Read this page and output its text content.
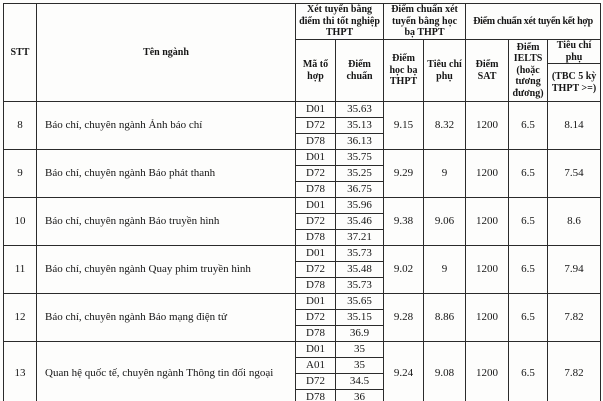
STT	Tên ngành	Xét tuyển bằng điểm thi tốt nghiệp THPT		Điểm chuẩn xét tuyển bằng học bạ THPT		Điểm chuẩn xét tuyển kết hợp		
		Mã tổ hợp	Điểm chuẩn	Điểm học bạ THPT	Tiêu chí phụ	Điểm SAT	Điểm IELTS (hoặc tương đương)	Tiêu chí phụ
								(TBC 5 kỳ THPT >=)
8	Báo chí, chuyên ngành Ảnh báo chí	D01	35.63	9.15	8.32	1200	6.5	8.14
		D72	35.13					
		D78	36.13					
9	Báo chí, chuyên ngành Báo phát thanh	D01	35.75	9.29	9	1200	6.5	7.54
		D72	35.25					
		D78	36.75					
10	Báo chí, chuyên ngành Báo truyền hình	D01	35.96	9.38	9.06	1200	6.5	8.6
		D72	35.46					
		D78	37.21					
11	Báo chí, chuyên ngành Quay phim truyền hình	D01	35.73	9.02	9	1200	6.5	7.94
		D72	35.48					
		D78	35.73					
12	Báo chí, chuyên ngành Báo mạng điện tử	D01	35.65	9.28	8.86	1200	6.5	7.82
		D72	35.15					
		D78	36.9					
13	Quan hệ quốc tế, chuyên ngành Thông tin đối ngoại	D01	35	9.24	9.08	1200	6.5	7.82
		A01	35					
		D72	34.5					
		D78	36					
